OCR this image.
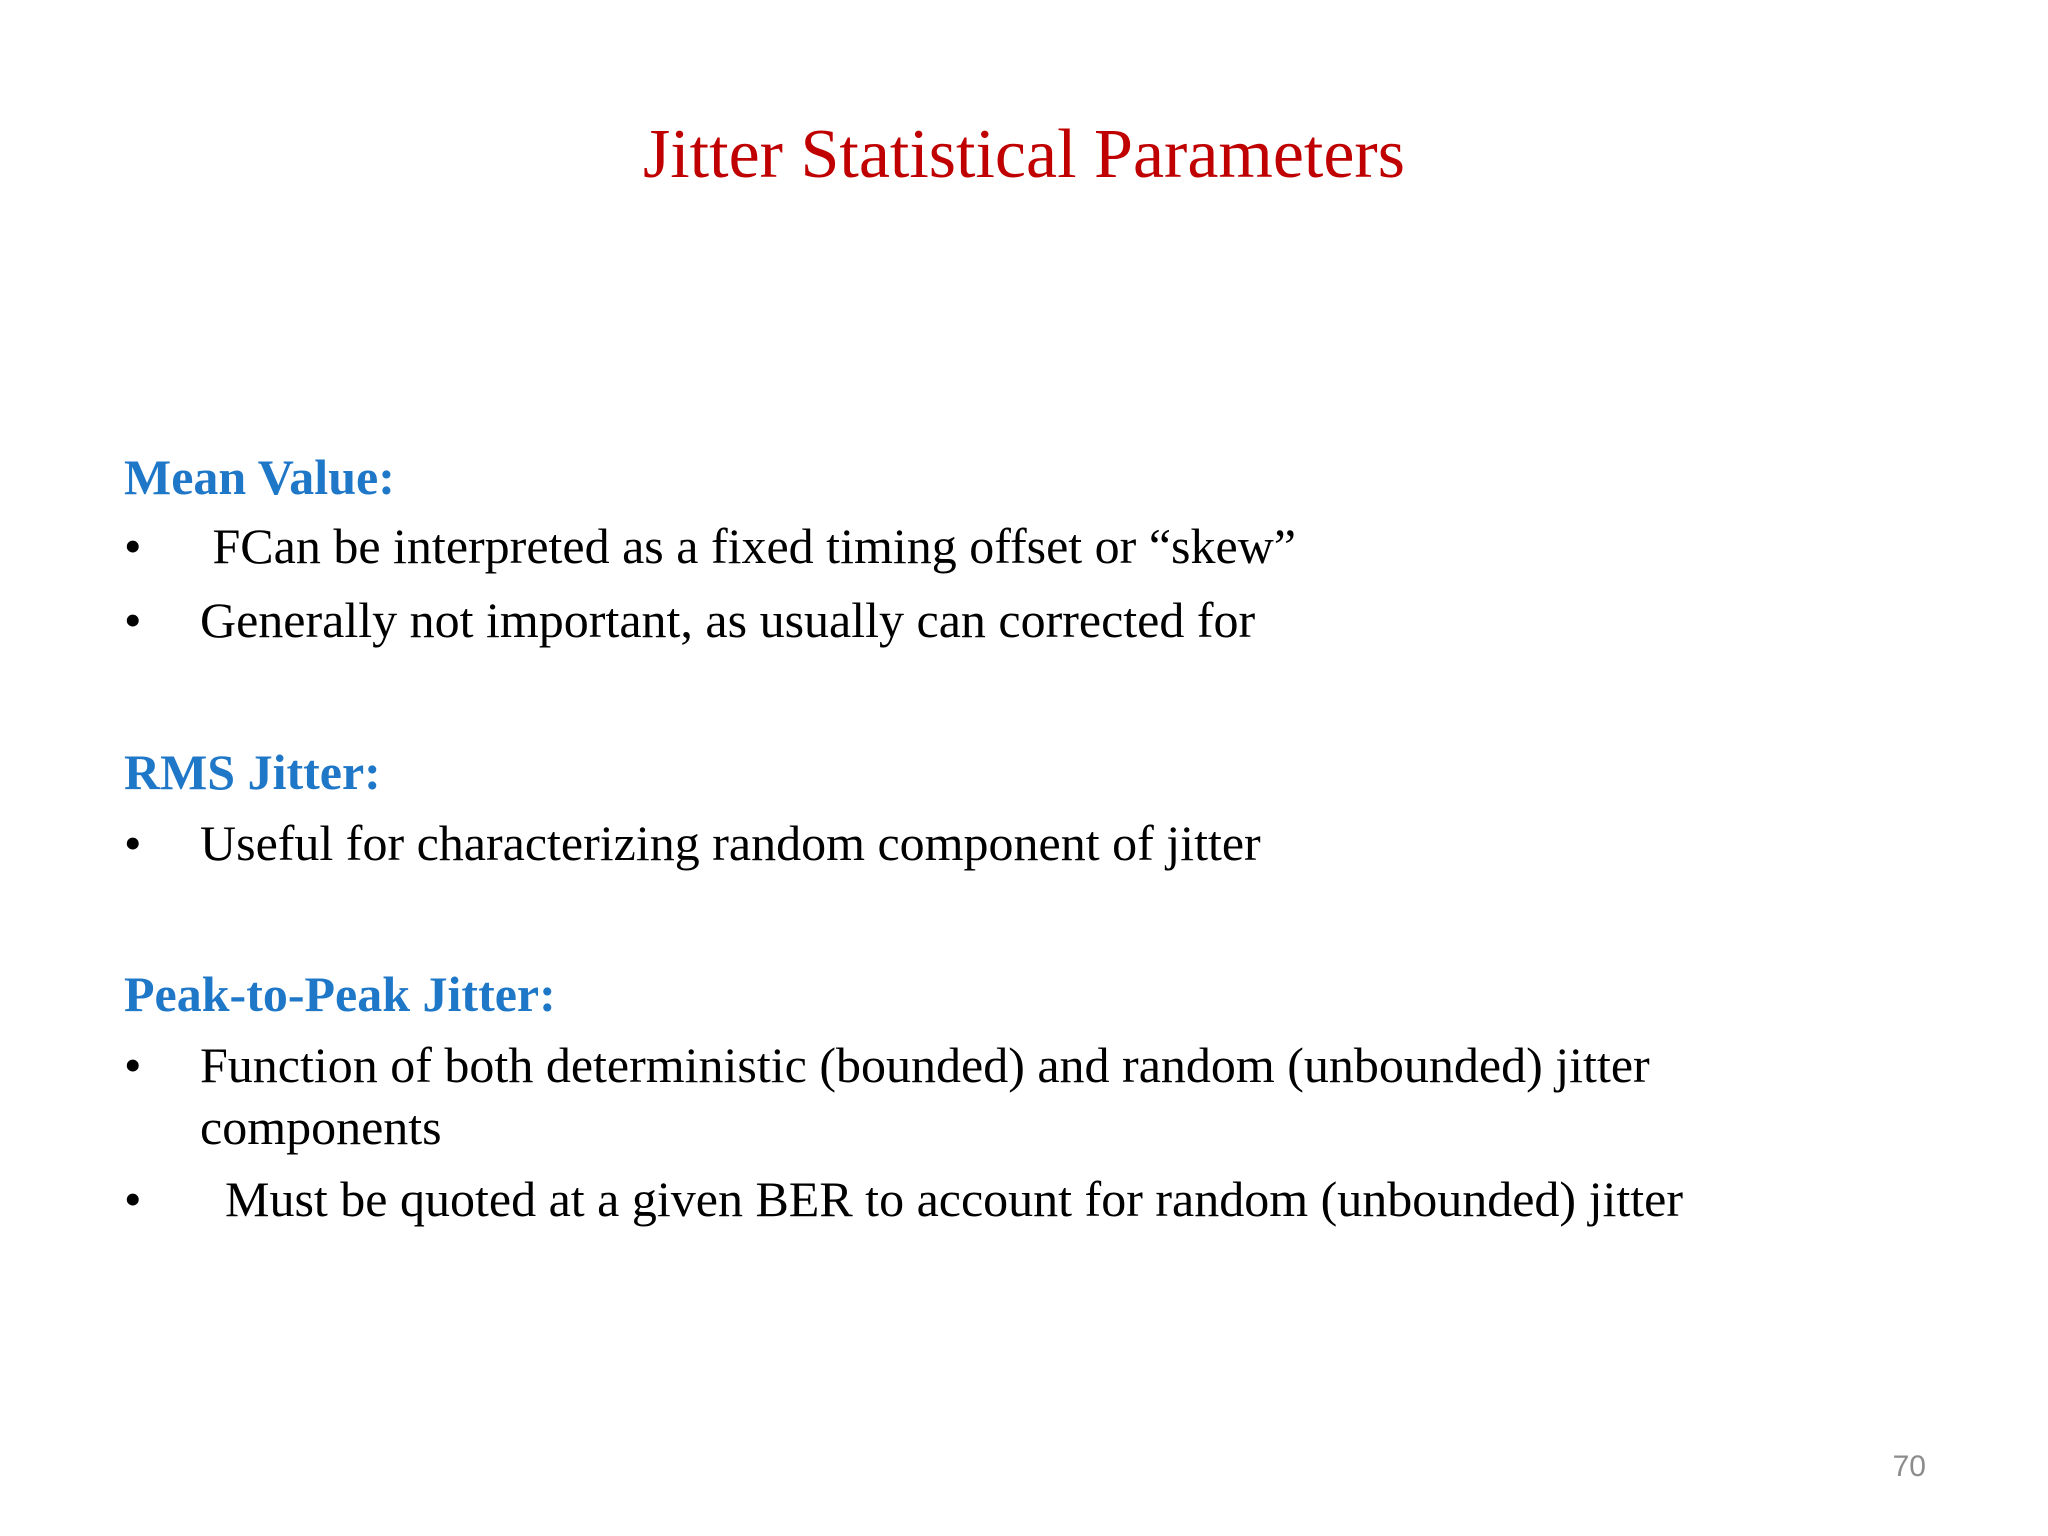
Jitter Statistical Parameters
Mean Value:
• FCan be interpreted as a fixed timing offset or “skew”
• Generally not important, as usually can corrected for
RMS Jitter:
• Useful for characterizing random component of jitter
Peak-to-Peak Jitter:
• Function of both deterministic (bounded) and random (unbounded) jitter components
• Must be quoted at a given BER to account for random (unbounded) jitter
70
